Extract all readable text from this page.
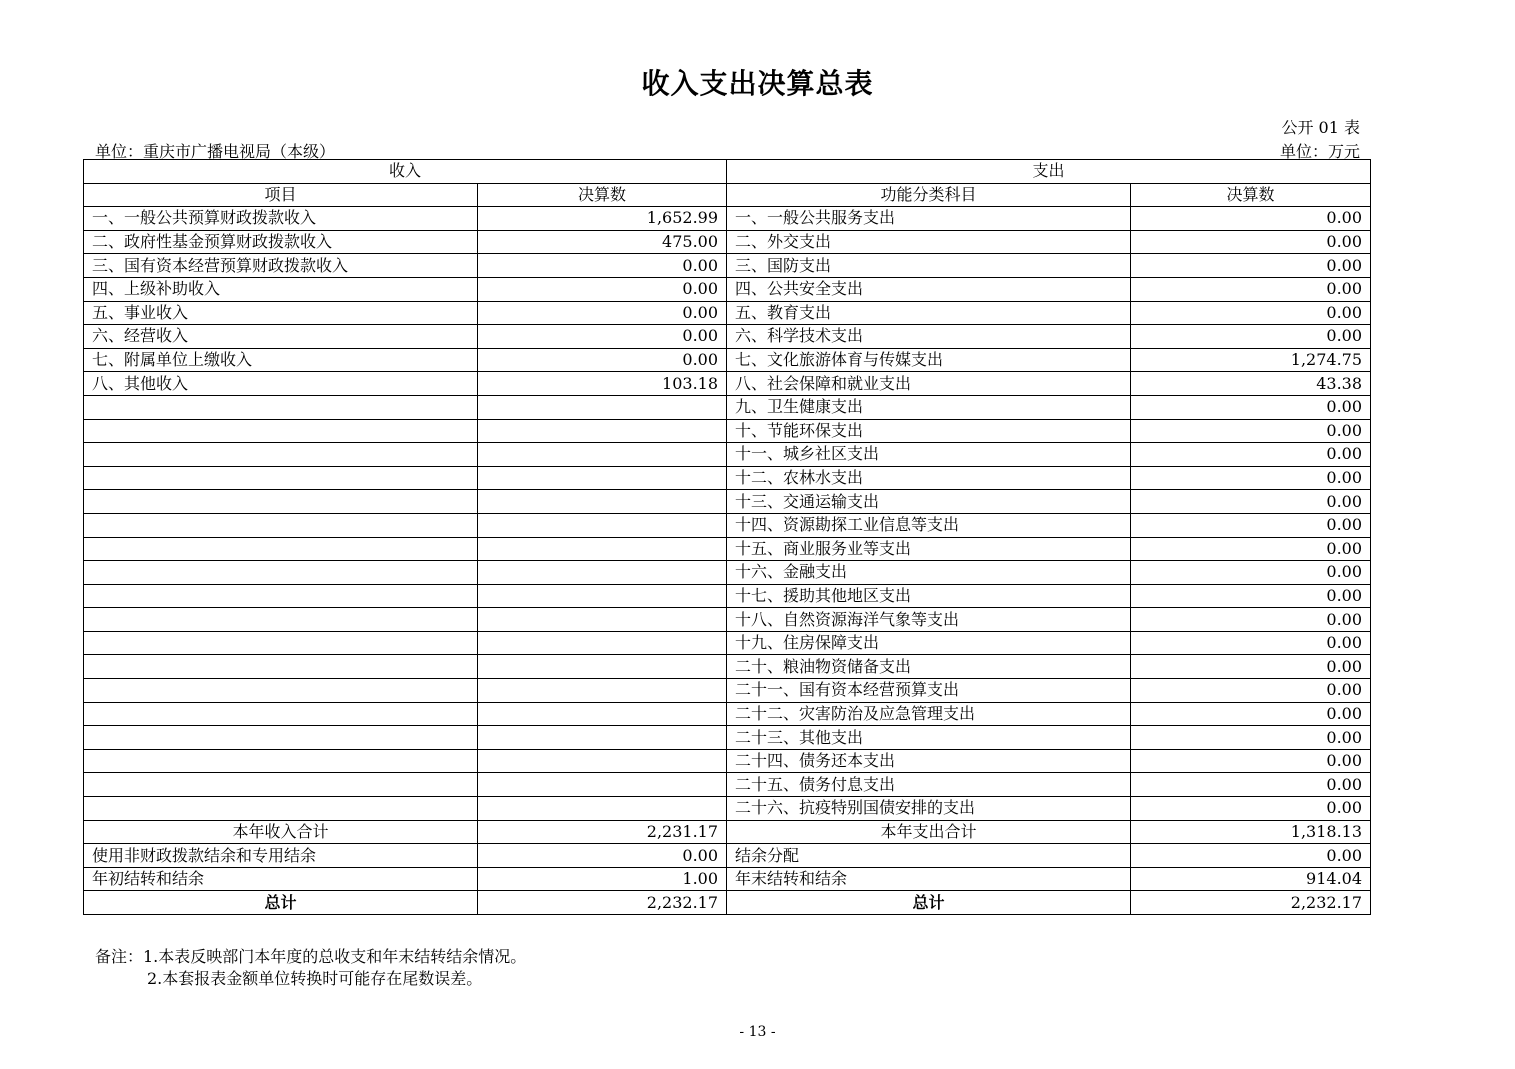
收入支出决算总表
公开 01 表
单位：重庆市广播电视局（本级）	单位：万元
收入		支出	
项目	决算数	功能分类科目	决算数
一、一般公共预算财政拨款收入	1,652.99	一、一般公共服务支出	0.00
二、政府性基金预算财政拨款收入	475.00	二、外交支出	0.00
三、国有资本经营预算财政拨款收入	0.00	三、国防支出	0.00
四、上级补助收入	0.00	四、公共安全支出	0.00
五、事业收入	0.00	五、教育支出	0.00
六、经营收入	0.00	六、科学技术支出	0.00
七、附属单位上缴收入	0.00	七、文化旅游体育与传媒支出	1,274.75
八、其他收入	103.18	八、社会保障和就业支出	43.38
		九、卫生健康支出	0.00
		十、节能环保支出	0.00
		十一、城乡社区支出	0.00
		十二、农林水支出	0.00
		十三、交通运输支出	0.00
		十四、资源勘探工业信息等支出	0.00
		十五、商业服务业等支出	0.00
		十六、金融支出	0.00
		十七、援助其他地区支出	0.00
		十八、自然资源海洋气象等支出	0.00
		十九、住房保障支出	0.00
		二十、粮油物资储备支出	0.00
		二十一、国有资本经营预算支出	0.00
		二十二、灾害防治及应急管理支出	0.00
		二十三、其他支出	0.00
		二十四、债务还本支出	0.00
		二十五、债务付息支出	0.00
		二十六、抗疫特别国债安排的支出	0.00
本年收入合计	2,231.17	本年支出合计	1,318.13
使用非财政拨款结余和专用结余	0.00	结余分配	0.00
年初结转和结余	1.00	年末结转和结余	914.04
总计	2,232.17	总计	2,232.17
备注：1.本表反映部门本年度的总收支和年末结转结余情况。
2.本套报表金额单位转换时可能存在尾数误差。
- 13 -
